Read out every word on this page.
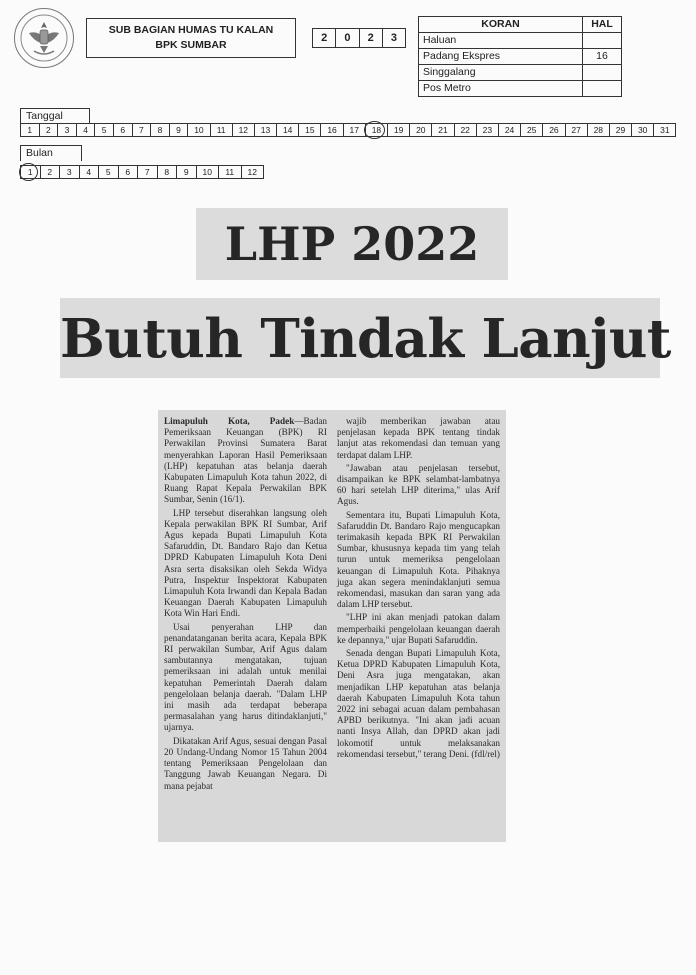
SUB BAGIAN HUMAS TU KALAN
BPK SUMBAR
2	0	2	3
KORAN	HAL
Haluan	
Padang Ekspres	16
Singgalang	
Pos Metro	
Tanggal
1	2	3	4	5	6	7	8	9	10	11	12	13	14	15	16	17	18	19	20	21	22	23	24	25	26	27	28	29	30	31
Bulan
1	2	3	4	5	6	7	8	9	10	11	12
LHP 2022
Butuh Tindak Lanjut

Limapuluh Kota, Padek—Badan Pemeriksaan Keuangan (BPK) RI Perwakilan Provinsi Sumatera Barat menyerahkan Laporan Hasil Pemeriksaan (LHP) kepatuhan atas belanja daerah Kabupaten Limapuluh Kota tahun 2022, di Ruang Rapat Kepala Perwakilan BPK Sumbar, Senin (16/1).

LHP tersebut diserahkan langsung oleh Kepala perwakilan BPK RI Sumbar, Arif Agus kepada Bupati Limapuluh Kota Safaruddin, Dt. Bandaro Rajo dan Ketua DPRD Kabupaten Limapuluh Kota Deni Asra serta disaksikan oleh Sekda Widya Putra, Inspektur Inspektorat Kabupaten Limapuluh Kota Irwandi dan Kepala Badan Keuangan Daerah Kabupaten Limapuluh Kota Win Hari Endi.

Usai penyerahan LHP dan penandatanganan berita acara, Kepala BPK RI perwakilan Sumbar, Arif Agus dalam sambutannya mengatakan, tujuan pemeriksaan ini adalah untuk menilai kepatuhan Pemerintah Daerah dalam pengelolaan belanja daerah. "Dalam LHP ini masih ada terdapat beberapa permasalahan yang harus ditindaklanjuti," ujarnya.

Dikatakan Arif Agus, sesuai dengan Pasal 20 Undang-Undang Nomor 15 Tahun 2004 tentang Pemeriksaan Pengelolaan dan Tanggung Jawab Keuangan Negara. Di mana pejabat

wajib memberikan jawaban atau penjelasan kepada BPK tentang tindak lanjut atas rekomendasi dan temuan yang terdapat dalam LHP.

"Jawaban atau penjelasan tersebut, disampaikan ke BPK selambat-lambatnya 60 hari setelah LHP diterima," ulas Arif Agus.

Sementara itu, Bupati Limapuluh Kota, Safaruddin Dt. Bandaro Rajo mengucapkan terimakasih kepada BPK RI Perwakilan Sumbar, khususnya kepada tim yang telah turun untuk memeriksa pengelolaan keuangan di Limapuluh Kota. Pihaknya juga akan segera menindaklanjuti semua rekomendasi, masukan dan saran yang ada dalam LHP tersebut.

"LHP ini akan menjadi patokan dalam memperbaiki pengelolaan keuangan daerah ke depannya," ujar Bupati Safaruddin.

Senada dengan Bupati Limapuluh Kota, Ketua DPRD Kabupaten Limapuluh Kota, Deni Asra juga mengatakan, akan menjadikan LHP kepatuhan atas belanja daerah Kabupaten Limapuluh Kota tahun 2022 ini sebagai acuan dalam pembahasan APBD berikutnya. "Ini akan jadi acuan nanti Insya Allah, dan DPRD akan jadi lokomotif untuk melaksanakan rekomendasi tersebut," terang Deni. (fdl/rel)
